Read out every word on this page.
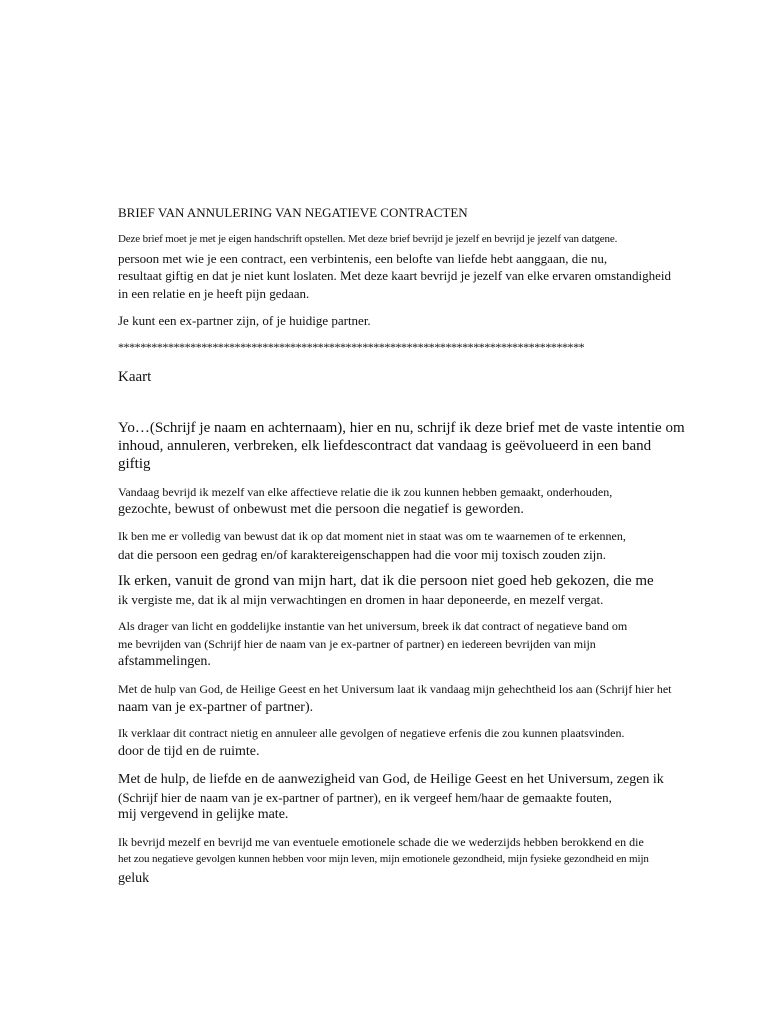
BRIEF VAN ANNULERING VAN NEGATIEVE CONTRACTEN
Deze brief moet je met je eigen handschrift opstellen. Met deze brief bevrijd je jezelf en bevrijd je jezelf van datgene.
persoon met wie je een contract, een verbintenis, een belofte van liefde hebt aanggaan, die nu,
resultaat giftig en dat je niet kunt loslaten. Met deze kaart bevrijd je jezelf van elke ervaren omstandigheid
in een relatie en je heeft pijn gedaan.
Je kunt een ex-partner zijn, of je huidige partner.
************************************************************************************
Kaart
Yo…(Schrijf je naam en achternaam), hier en nu, schrijf ik deze brief met de vaste intentie om
inhoud, annuleren, verbreken, elk liefdescontract dat vandaag is geëvolueerd in een band
giftig
Vandaag bevrijd ik mezelf van elke affectieve relatie die ik zou kunnen hebben gemaakt, onderhouden,
gezochte, bewust of onbewust met die persoon die negatief is geworden.
Ik ben me er volledig van bewust dat ik op dat moment niet in staat was om te waarnemen of te erkennen,
dat die persoon een gedrag en/of karaktereigenschappen had die voor mij toxisch zouden zijn.
Ik erken, vanuit de grond van mijn hart, dat ik die persoon niet goed heb gekozen, die me
ik vergiste me, dat ik al mijn verwachtingen en dromen in haar deponeerde, en mezelf vergat.
Als drager van licht en goddelijke instantie van het universum, breek ik dat contract of negatieve band om
me bevrijden van (Schrijf hier de naam van je ex-partner of partner) en iedereen bevrijden van mijn
afstammelingen.
Met de hulp van God, de Heilige Geest en het Universum laat ik vandaag mijn gehechtheid los aan (Schrijf hier het
naam van je ex-partner of partner).
Ik verklaar dit contract nietig en annuleer alle gevolgen of negatieve erfenis die zou kunnen plaatsvinden.
door de tijd en de ruimte.
Met de hulp, de liefde en de aanwezigheid van God, de Heilige Geest en het Universum, zegen ik
(Schrijf hier de naam van je ex-partner of partner), en ik vergeef hem/haar de gemaakte fouten,
mij vergevend in gelijke mate.
Ik bevrijd mezelf en bevrijd me van eventuele emotionele schade die we wederzijds hebben berokkend en die
het zou negatieve gevolgen kunnen hebben voor mijn leven, mijn emotionele gezondheid, mijn fysieke gezondheid en mijn
geluk
